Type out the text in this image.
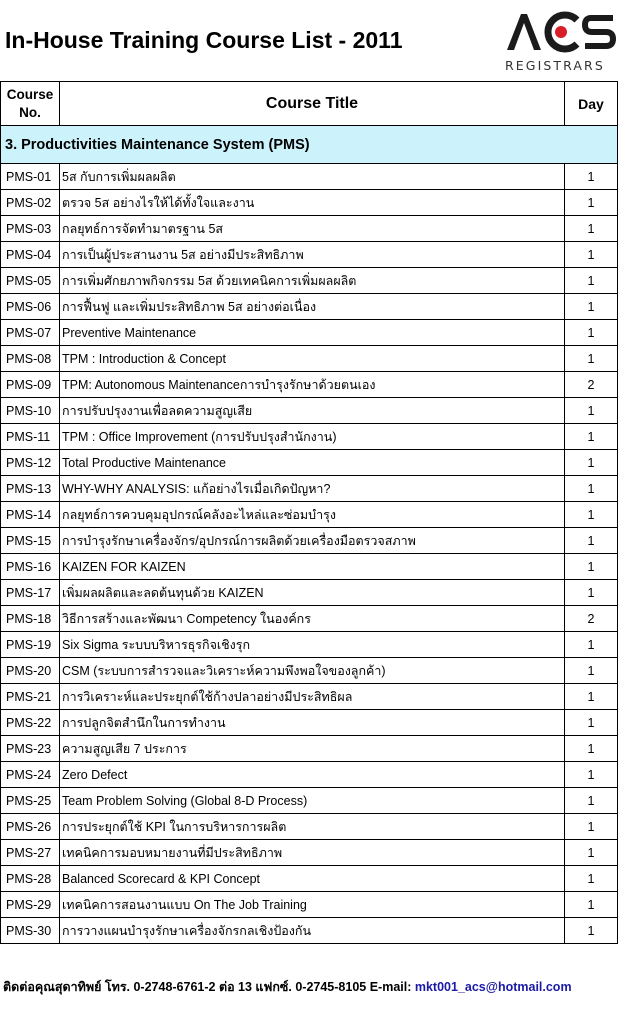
In-House Training Course List - 2011
REGISTRARS
Course
No.	Course Title	Day
3. Productivities Maintenance System (PMS)		
PMS-01	5ส กับการเพิ่มผลผลิต	1
PMS-02	ตรวจ 5ส อย่างไรให้ได้ทั้งใจและงาน	1
PMS-03	กลยุทธ์การจัดทำมาตรฐาน 5ส	1
PMS-04	การเป็นผู้ประสานงาน 5ส อย่างมีประสิทธิภาพ	1
PMS-05	การเพิ่มศักยภาพกิจกรรม 5ส ด้วยเทคนิคการเพิ่มผลผลิต	1
PMS-06	การฟื้นฟู และเพิ่มประสิทธิภาพ 5ส อย่างต่อเนื่อง	1
PMS-07	Preventive Maintenance	1
PMS-08	TPM : Introduction & Concept	1
PMS-09	TPM: Autonomous Maintenanceการบำรุงรักษาด้วยตนเอง	2
PMS-10	การปรับปรุงงานเพื่อลดความสูญเสีย	1
PMS-11	TPM : Office Improvement (การปรับปรุงสำนักงาน)	1
PMS-12	Total Productive Maintenance	1
PMS-13	WHY-WHY ANALYSIS: แก้อย่างไรเมื่อเกิดปัญหา?	1
PMS-14	กลยุทธ์การควบคุมอุปกรณ์คลังอะไหล่และซ่อมบำรุง	1
PMS-15	การบำรุงรักษาเครื่องจักร/อุปกรณ์การผลิตด้วยเครื่องมือตรวจสภาพ	1
PMS-16	KAIZEN FOR KAIZEN	1
PMS-17	เพิ่มผลผลิตและลดต้นทุนด้วย KAIZEN	1
PMS-18	วิธีการสร้างและพัฒนา Competency ในองค์กร	2
PMS-19	Six Sigma ระบบบริหารธุรกิจเชิงรุก	1
PMS-20	CSM (ระบบการสำรวจและวิเคราะห์ความพึงพอใจของลูกค้า)	1
PMS-21	การวิเคราะห์และประยุกต์ใช้ก้างปลาอย่างมีประสิทธิผล	1
PMS-22	การปลูกจิตสำนึกในการทำงาน	1
PMS-23	ความสูญเสีย 7 ประการ	1
PMS-24	Zero Defect	1
PMS-25	Team Problem Solving (Global 8-D Process)	1
PMS-26	การประยุกต์ใช้ KPI ในการบริหารการผลิต	1
PMS-27	เทคนิคการมอบหมายงานที่มีประสิทธิภาพ	1
PMS-28	Balanced Scorecard & KPI Concept	1
PMS-29	เทคนิคการสอนงานแบบ On The Job Training	1
PMS-30	การวางแผนบำรุงรักษาเครื่องจักรกลเชิงป้องกัน	1
ติดต่อคุณสุดาทิพย์ โทร. 0-2748-6761-2 ต่อ 13 แฟกซ์. 0-2745-8105 E-mail: mkt001_acs@hotmail.com
